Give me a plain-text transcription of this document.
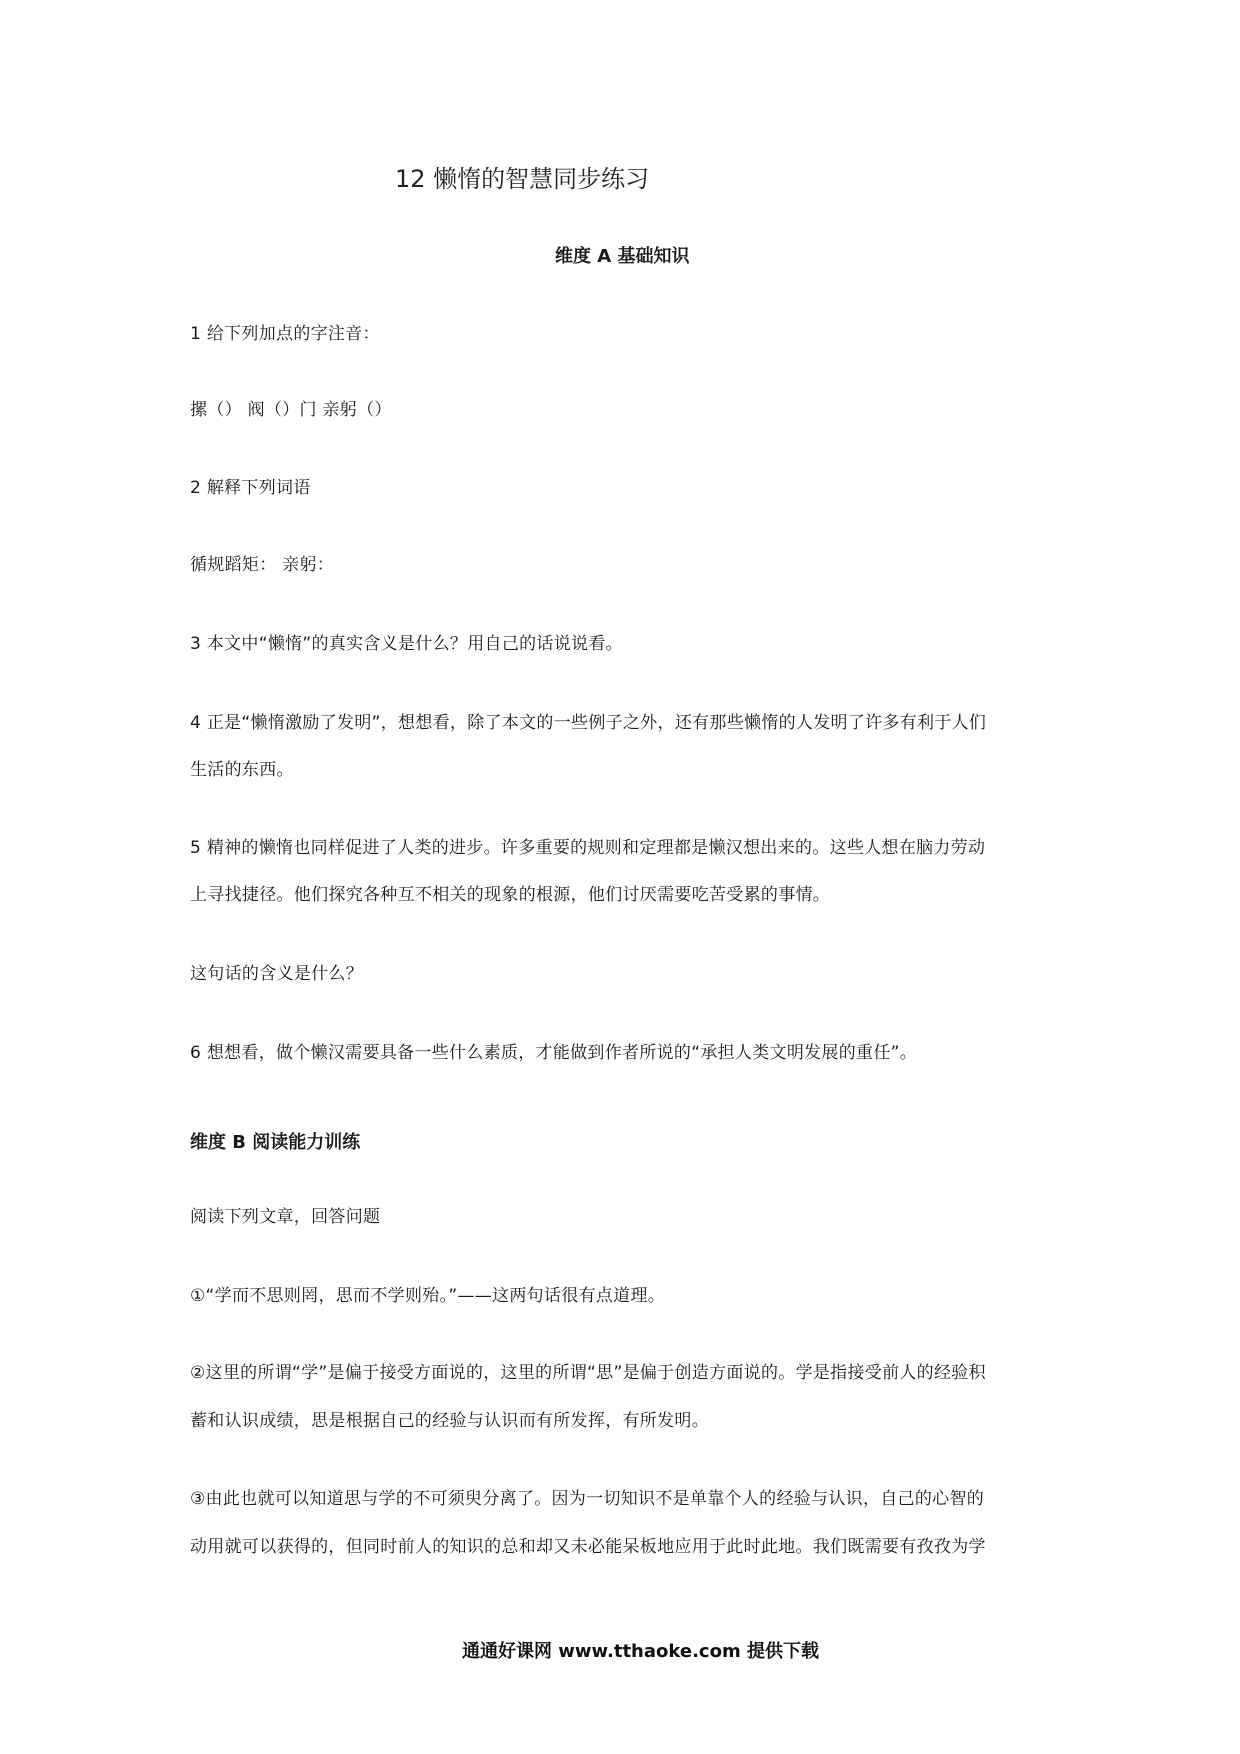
12 懒惰的智慧同步练习
维度 A 基础知识
1 给下列加点的字注音：
摞（） 阀（）门 亲躬（）
2 解释下列词语
循规蹈矩： 亲躬：
3 本文中“懒惰”的真实含义是什么？用自己的话说说看。
4 正是“懒惰激励了发明”，想想看，除了本文的一些例子之外，还有那些懒惰的人发明了许多有利于人们
生活的东西。
5 精神的懒惰也同样促进了人类的进步。许多重要的规则和定理都是懒汉想出来的。这些人想在脑力劳动
上寻找捷径。他们探究各种互不相关的现象的根源，他们讨厌需要吃苦受累的事情。
这句话的含义是什么？
6 想想看，做个懒汉需要具备一些什么素质，才能做到作者所说的“承担人类文明发展的重任”。
维度 B 阅读能力训练
阅读下列文章，回答问题
①“学而不思则罔，思而不学则殆。”——这两句话很有点道理。
②这里的所谓“学”是偏于接受方面说的，这里的所谓“思”是偏于创造方面说的。学是指接受前人的经验积
蓄和认识成绩，思是根据自己的经验与认识而有所发挥，有所发明。
③由此也就可以知道思与学的不可须臾分离了。因为一切知识不是单靠个人的经验与认识，自己的心智的
动用就可以获得的，但同时前人的知识的总和却又未必能呆板地应用于此时此地。我们既需要有孜孜为学
通通好课网 www.tthaoke.com 提供下载
